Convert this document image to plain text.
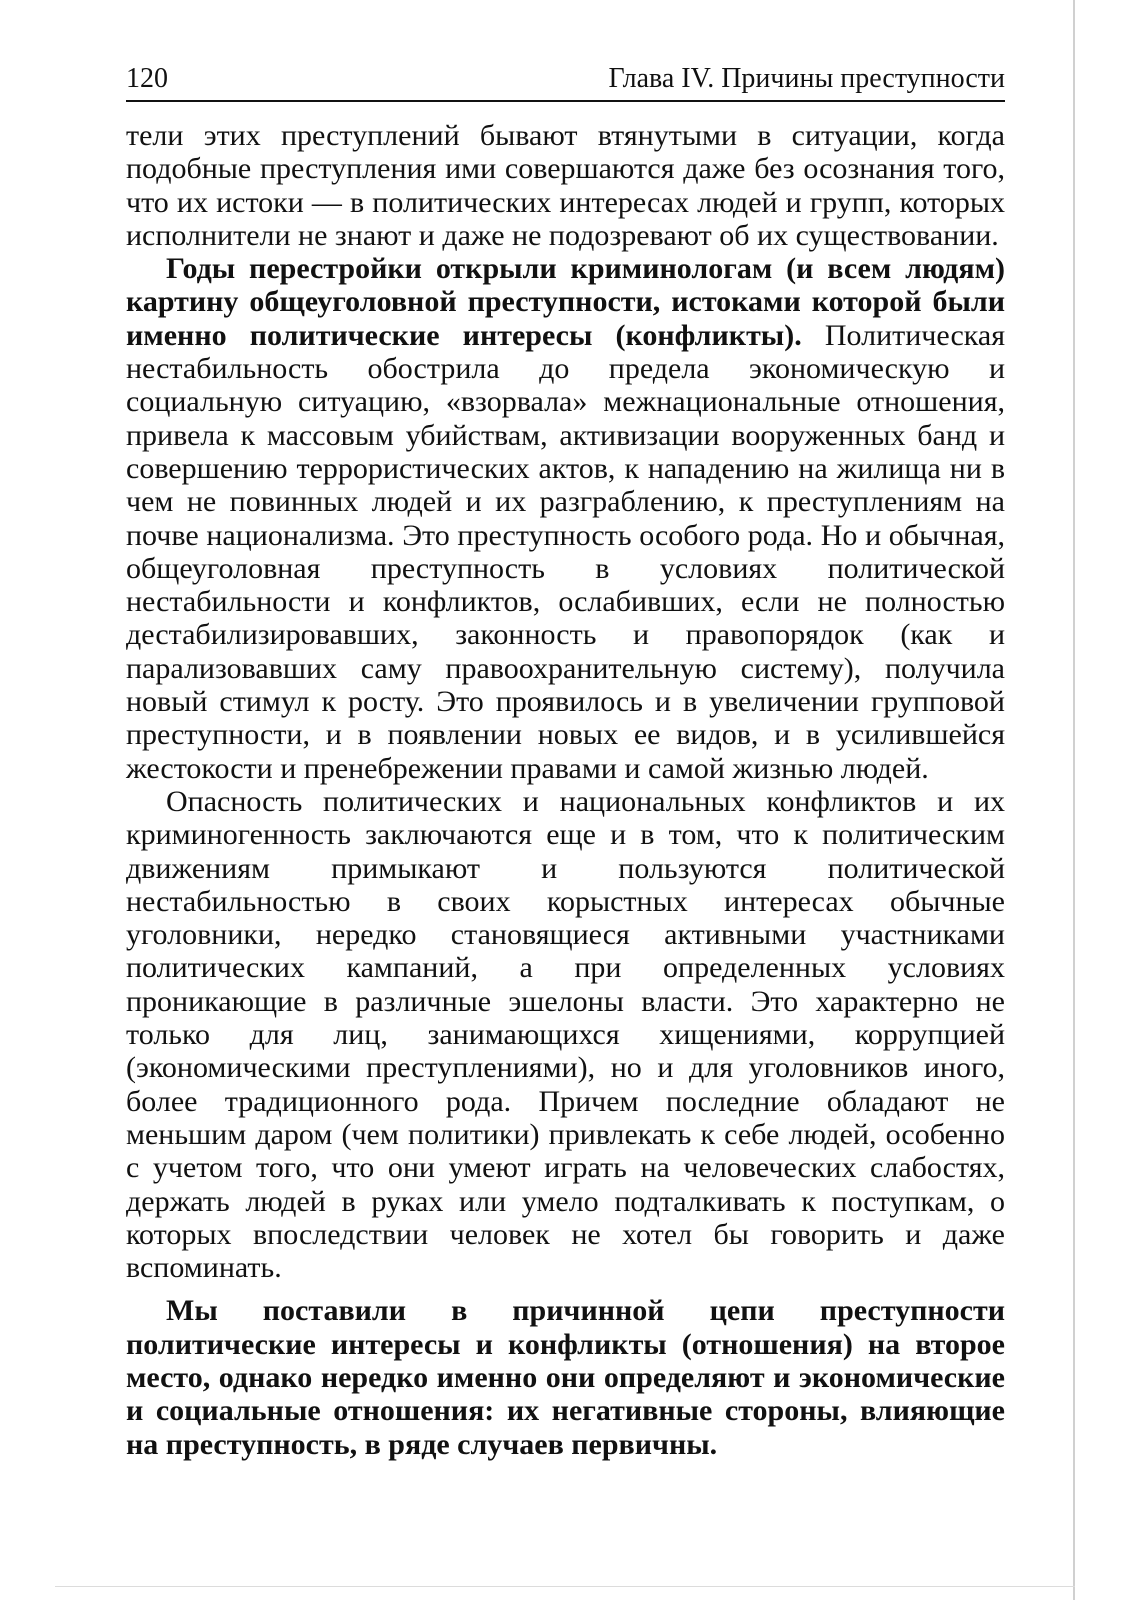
120	Глава IV. Причины преступности

тели этих преступлений бывают втянутыми в ситуации, когда подобные преступления ими совершаются даже без осознания того, что их истоки — в политических интересах людей и групп, которых исполнители не знают и даже не подозревают об их существовании.

Годы перестройки открыли криминологам (и всем людям) картину общеуголовной преступности, истоками которой были именно политические интересы (конфликты). Политическая нестабильность обострила до предела экономическую и социальную ситуацию, «взорвала» межнациональные отношения, привела к массовым убийствам, активизации вооруженных банд и совершению террористических актов, к нападению на жилища ни в чем не повинных людей и их разграблению, к преступлениям на почве национализма. Это преступность особого рода. Но и обычная, общеуголовная преступность в условиях политической нестабильности и конфликтов, ослабивших, если не полностью дестабилизировавших, законность и правопорядок (как и парализовавших саму правоохранительную систему), получила новый стимул к росту. Это проявилось и в увеличении групповой преступности, и в появлении новых ее видов, и в усилившейся жестокости и пренебрежении правами и самой жизнью людей.

Опасность политических и национальных конфликтов и их криминогенность заключаются еще и в том, что к политическим движениям примыкают и пользуются политической нестабильностью в своих корыстных интересах обычные уголовники, нередко становящиеся активными участниками политических кампаний, а при определенных условиях проникающие в различные эшелоны власти. Это характерно не только для лиц, занимающихся хищениями, коррупцией (экономическими преступлениями), но и для уголовников иного, более традиционного рода. Причем последние обладают не меньшим даром (чем политики) привлекать к себе людей, особенно с учетом того, что они умеют играть на человеческих слабостях, держать людей в руках или умело подталкивать к поступкам, о которых впоследствии человек не хотел бы говорить и даже вспоминать.

Мы поставили в причинной цепи преступности политические интересы и конфликты (отношения) на второе место, однако нередко именно они определяют и экономические и социальные отношения: их негативные стороны, влияющие на преступность, в ряде случаев первичны.
